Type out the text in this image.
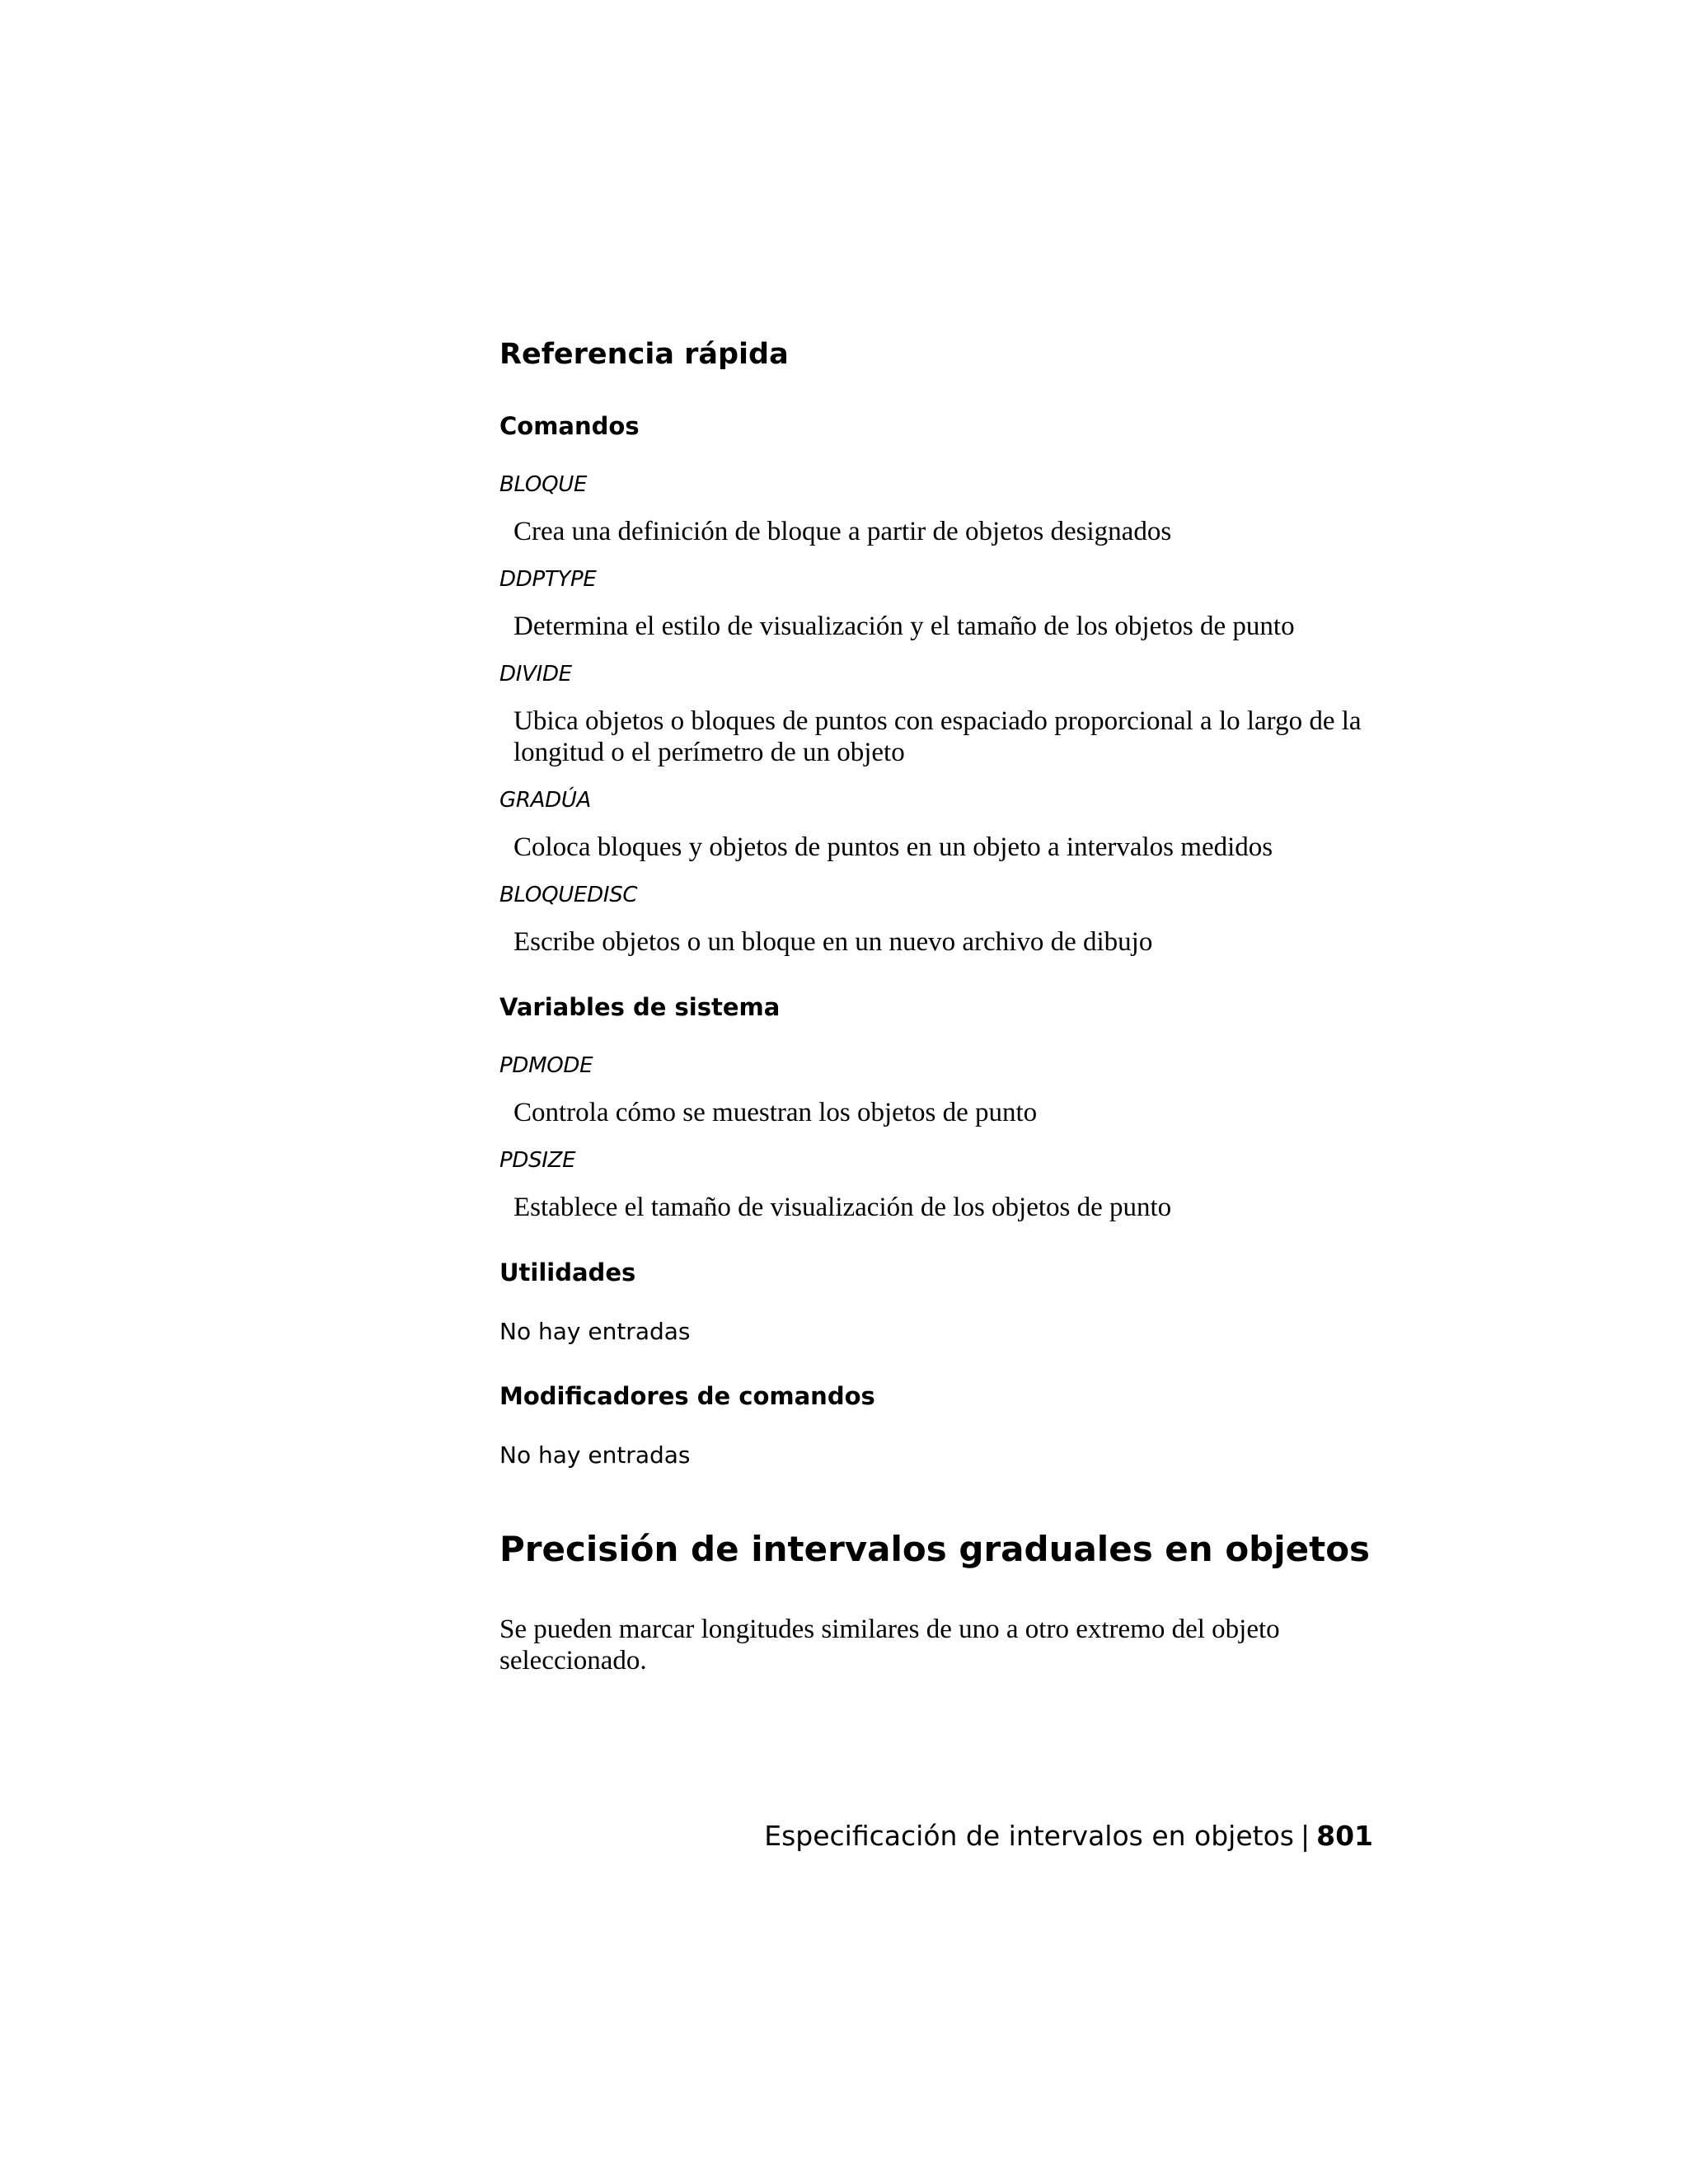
Referencia rápida
Comandos
BLOQUE
Crea una definición de bloque a partir de objetos designados
DDPTYPE
Determina el estilo de visualización y el tamaño de los objetos de punto
DIVIDE
Ubica objetos o bloques de puntos con espaciado proporcional a lo largo de la longitud o el perímetro de un objeto
GRADÚA
Coloca bloques y objetos de puntos en un objeto a intervalos medidos
BLOQUEDISC
Escribe objetos o un bloque en un nuevo archivo de dibujo
Variables de sistema
PDMODE
Controla cómo se muestran los objetos de punto
PDSIZE
Establece el tamaño de visualización de los objetos de punto
Utilidades
No hay entradas
Modificadores de comandos
No hay entradas
Precisión de intervalos graduales en objetos
Se pueden marcar longitudes similares de uno a otro extremo del objeto seleccionado.
Especificación de intervalos en objetos | 801
